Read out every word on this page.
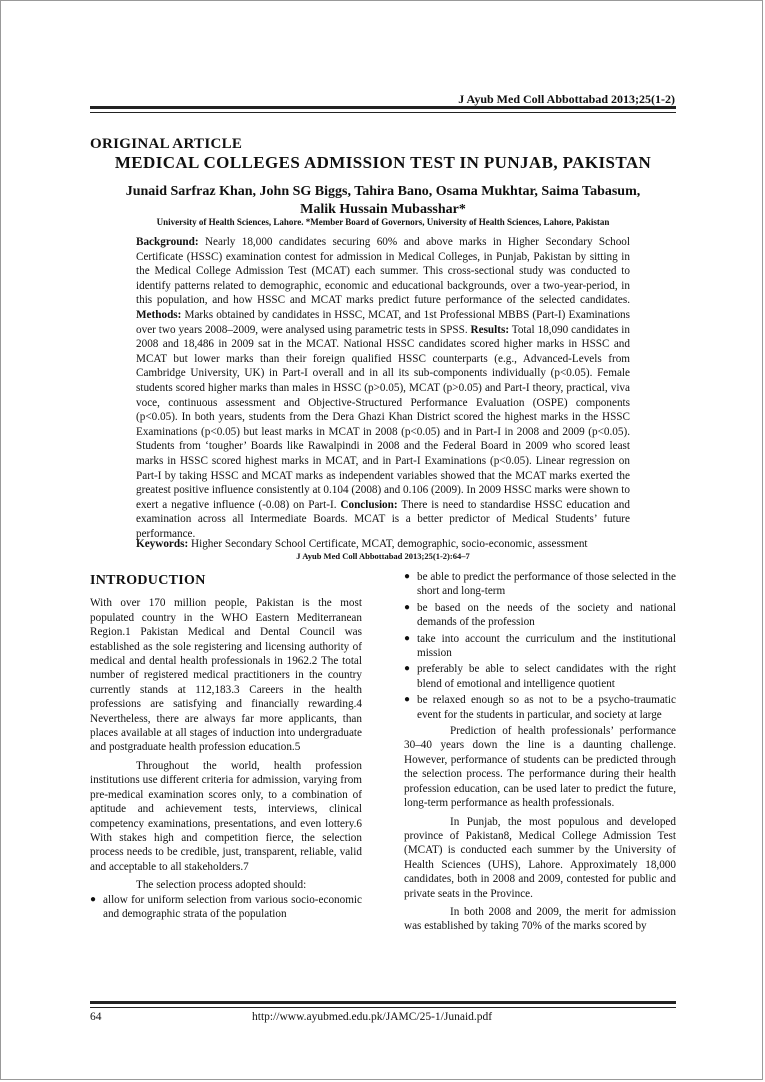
J Ayub Med Coll Abbottabad 2013;25(1-2)
ORIGINAL ARTICLE
MEDICAL COLLEGES ADMISSION TEST IN PUNJAB, PAKISTAN
Junaid Sarfraz Khan, John SG Biggs, Tahira Bano, Osama Mukhtar, Saima Tabasum,
Malik Hussain Mubasshar*
University of Health Sciences, Lahore. *Member Board of Governors, University of Health Sciences, Lahore, Pakistan

Background: Nearly 18,000 candidates securing 60% and above marks in Higher Secondary School Certificate (HSSC) examination contest for admission in Medical Colleges, in Punjab, Pakistan by sitting in the Medical College Admission Test (MCAT) each summer. This cross-sectional study was conducted to identify patterns related to demographic, economic and educational backgrounds, over a two-year-period, in this population, and how HSSC and MCAT marks predict future performance of the selected candidates. Methods: Marks obtained by candidates in HSSC, MCAT, and 1st Professional MBBS (Part-I) Examinations over two years 2008–2009, were analysed using parametric tests in SPSS. Results: Total 18,090 candidates in 2008 and 18,486 in 2009 sat in the MCAT. National HSSC candidates scored higher marks in HSSC and MCAT but lower marks than their foreign qualified HSSC counterparts (e.g., Advanced-Levels from Cambridge University, UK) in Part-I overall and in all its sub-components individually (p<0.05). Female students scored higher marks than males in HSSC (p>0.05), MCAT (p>0.05) and Part-I theory, practical, viva voce, continuous assessment and Objective-Structured Performance Evaluation (OSPE) components (p<0.05). In both years, students from the Dera Ghazi Khan District scored the highest marks in the HSSC Examinations (p<0.05) but least marks in MCAT in 2008 (p<0.05) and in Part-I in 2008 and 2009 (p<0.05). Students from ‘tougher’ Boards like Rawalpindi in 2008 and the Federal Board in 2009 who scored least marks in HSSC scored highest marks in MCAT, and in Part-I Examinations (p<0.05). Linear regression on Part-I by taking HSSC and MCAT marks as independent variables showed that the MCAT marks exerted the greatest positive influence consistently at 0.104 (2008) and 0.106 (2009). In 2009 HSSC marks were shown to exert a negative influence (-0.08) on Part-I. Conclusion: There is need to standardise HSSC education and examination across all Intermediate Boards. MCAT is a better predictor of Medical Students’ future performance.

Keywords: Higher Secondary School Certificate, MCAT, demographic, socio-economic, assessment

J Ayub Med Coll Abbottabad 2013;25(1-2):64–7
INTRODUCTION

With over 170 million people, Pakistan is the most populated country in the WHO Eastern Mediterranean Region.1 Pakistan Medical and Dental Council was established as the sole registering and licensing authority of medical and dental health professionals in 1962.2 The total number of registered medical practitioners in the country currently stands at 112,183.3 Careers in the health professions are satisfying and financially rewarding.4 Nevertheless, there are always far more applicants, than places available at all stages of induction into undergraduate and postgraduate health profession education.5

Throughout the world, health profession institutions use different criteria for admission, varying from pre-medical examination scores only, to a combination of aptitude and achievement tests, interviews, clinical competency examinations, presentations, and even lottery.6 With stakes high and competition fierce, the selection process needs to be credible, just, transparent, reliable, valid and acceptable to all stakeholders.7

The selection process adopted should:

● allow for uniform selection from various socio-economic and demographic strata of the population
● be able to predict the performance of those selected in the short and long-term
● be based on the needs of the society and national demands of the profession
● take into account the curriculum and the institutional mission
● preferably be able to select candidates with the right blend of emotional and intelligence quotient
● be relaxed enough so as not to be a psycho-traumatic event for the students in particular, and society at large

Prediction of health professionals’ performance 30–40 years down the line is a daunting challenge. However, performance of students can be predicted through the selection process. The performance during their health profession education, can be used later to predict the future, long-term performance as health professionals.

In Punjab, the most populous and developed province of Pakistan8, Medical College Admission Test (MCAT) is conducted each summer by the University of Health Sciences (UHS), Lahore. Approximately 18,000 candidates, both in 2008 and 2009, contested for public and private seats in the Province.

In both 2008 and 2009, the merit for admission was established by taking 70% of the marks scored by

64	http://www.ayubmed.edu.pk/JAMC/25-1/Junaid.pdf
